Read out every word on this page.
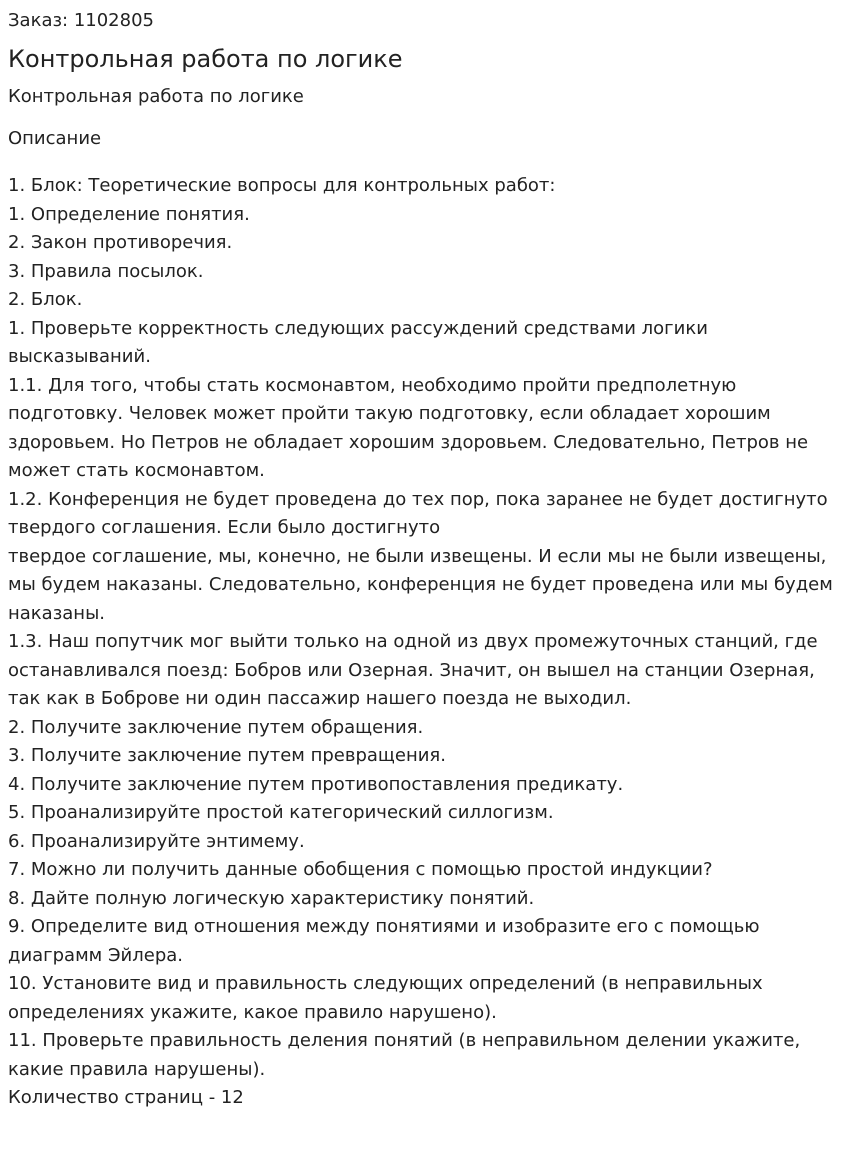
Заказ: 1102805
Контрольная работа по логике
Контрольная работа по логике
Описание
1. Блок: Теоретические вопросы для контрольных работ:
1. Определение понятия.
2. Закон противоречия.
3. Правила посылок.
2. Блок.
1. Проверьте корректность следующих рассуждений средствами логики высказываний.
1.1. Для того, чтобы стать космонавтом, необходимо пройти предполетную подготовку. Человек может пройти такую подготовку, если обладает хорошим здоровьем. Но Петров не обладает хорошим здоровьем. Следовательно, Петров не может стать космонавтом.
1.2. Конференция не будет проведена до тех пор, пока заранее не будет достигнуто твердого соглашения. Если было достигнуто
твердое соглашение, мы, конечно, не были извещены. И если мы не были извещены, мы будем наказаны. Следовательно, конференция не будет проведена или мы будем наказаны.
1.3. Наш попутчик мог выйти только на одной из двух промежуточных станций, где останавливался поезд: Бобров или Озерная. Значит, он вышел на станции Озерная, так как в Боброве ни один пассажир нашего поезда не выходил.
2. Получите заключение путем обращения.
3. Получите заключение путем превращения.
4. Получите заключение путем противопоставления предикату.
5. Проанализируйте простой категорический силлогизм.
6. Проанализируйте энтимему.
7. Можно ли получить данные обобщения с помощью простой индукции?
8. Дайте полную логическую характеристику понятий.
9. Определите вид отношения между понятиями и изобразите его с помощью диаграмм Эйлера.
10. Установите вид и правильность следующих определений (в неправильных определениях укажите, какое правило нарушено).
11. Проверьте правильность деления понятий (в неправильном делении укажите, какие правила нарушены).
Количество страниц - 12
